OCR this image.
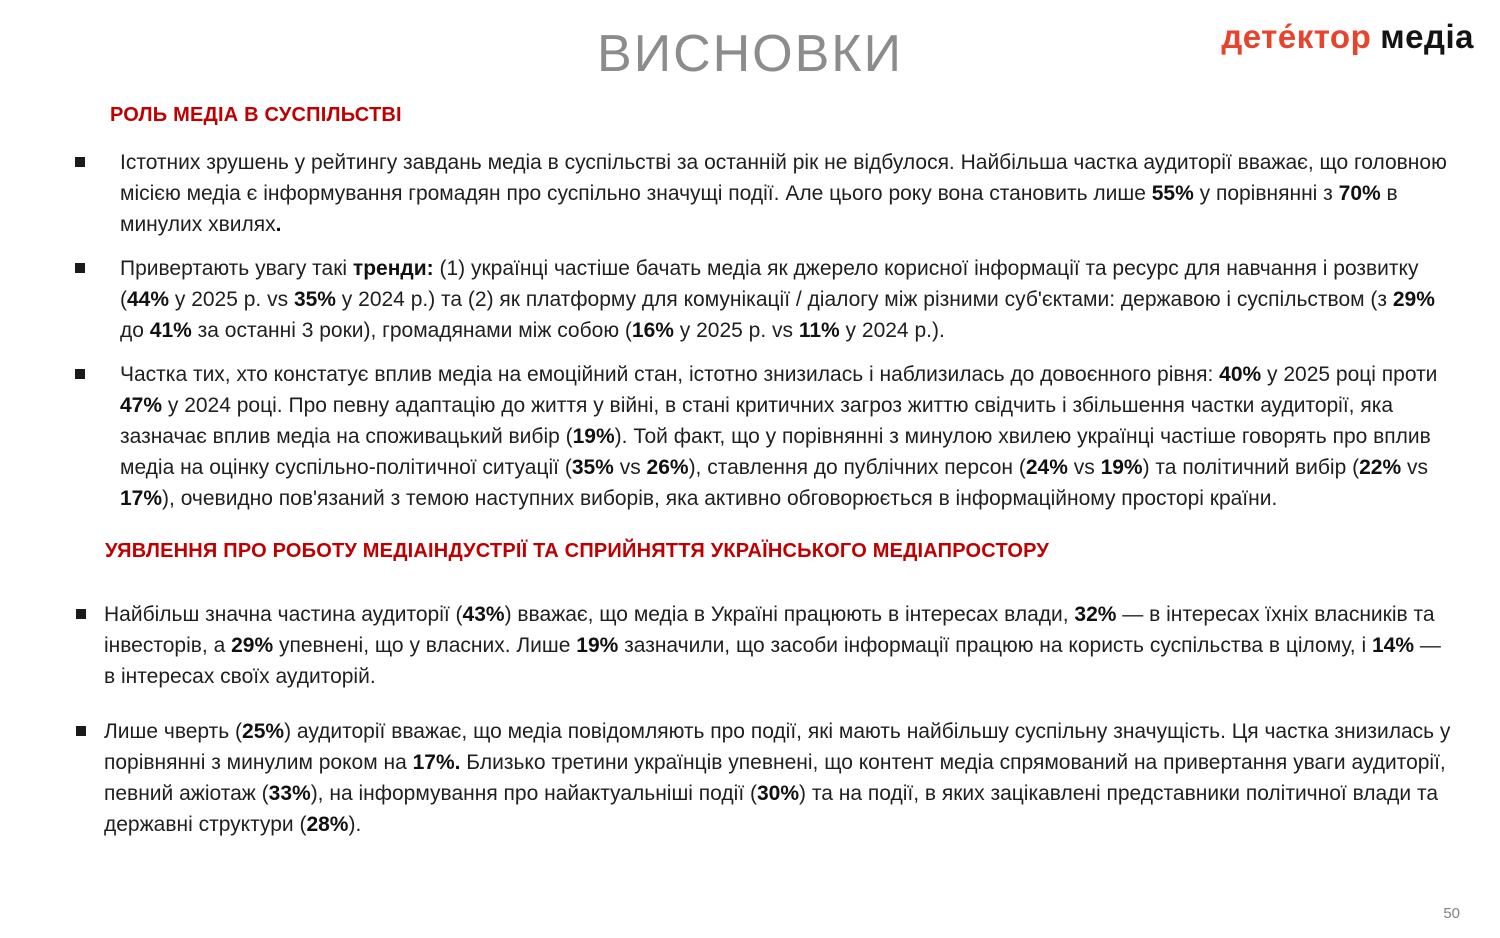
ВИСНОВКИ	дете́ктор медіа
РОЛЬ МЕДІА В СУСПІЛЬСТВІ

Істотних зрушень у рейтингу завдань медіа в суспільстві за останній рік не відбулося. Найбільша частка аудиторії вважає, що головною місією медіа є інформування громадян про суспільно значущі події. Але цього року вона становить лише 55% у порівнянні з 70% в минулих хвилях.

Привертають увагу такі тренди: (1) українці частіше бачать медіа як джерело корисної інформації та ресурс для навчання і розвитку (44% у 2025 р. vs 35% у 2024 р.) та (2) як платформу для комунікації / діалогу між різними суб'єктами: державою і суспільством (з 29% до 41% за останні 3 роки), громадянами між собою (16% у 2025 р. vs 11% у 2024 р.).

Частка тих, хто констатує вплив медіа на емоційний стан, істотно знизилась і наблизилась до довоєнного рівня: 40% у 2025 році проти 47% у 2024 році. Про певну адаптацію до життя у війні, в стані критичних загроз життю свідчить і збільшення частки аудиторії, яка зазначає вплив медіа на споживацький вибір (19%). Той факт, що у порівнянні з минулою хвилею українці частіше говорять про вплив медіа на оцінку суспільно-політичної ситуації (35% vs 26%), ставлення до публічних персон (24% vs 19%) та політичний вибір (22% vs 17%), очевидно пов'язаний з темою наступних виборів, яка активно обговорюється в інформаційному просторі країни.

УЯВЛЕННЯ ПРО РОБОТУ МЕДІАІНДУСТРІЇ ТА СПРИЙНЯТТЯ УКРАЇНСЬКОГО МЕДІАПРОСТОРУ

Найбільш значна частина аудиторії (43%) вважає, що медіа в Україні працюють в інтересах влади, 32% — в інтересах їхніх власників та інвесторів, а 29% упевнені, що у власних. Лише 19% зазначили, що засоби інформації працюю на користь суспільства в цілому, і 14% — в інтересах своїх аудиторій.

Лише чверть (25%) аудиторії вважає, що медіа повідомляють про події, які мають найбільшу суспільну значущість. Ця частка знизилась у порівнянні з минулим роком на 17%. Близько третини українців упевнені, що контент медіа спрямований на привертання уваги аудиторії, певний ажіотаж (33%), на інформування про найактуальніші події (30%) та на події, в яких зацікавлені представники політичної влади та державні структури (28%).

50
